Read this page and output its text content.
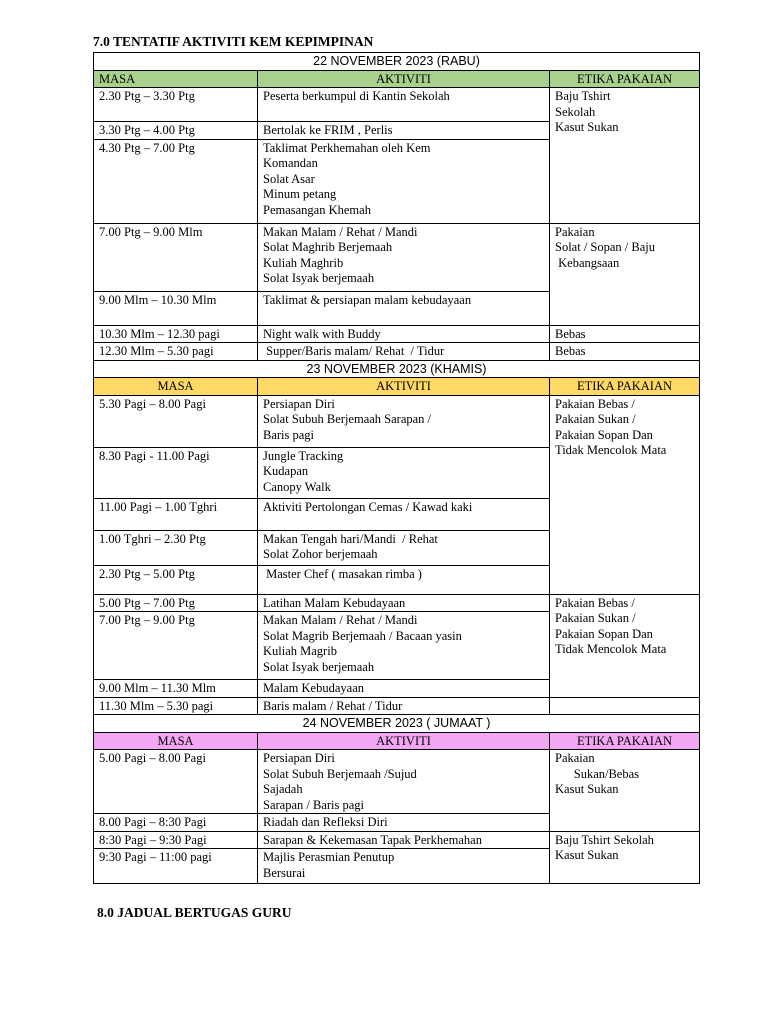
7.0 TENTATIF AKTIVITI KEM KEPIMPINAN
22 NOVEMBER 2023 (RABU)		
MASA	AKTIVITI	ETIKA PAKAIAN
2.30 Ptg – 3.30 Ptg	Peserta berkumpul di Kantin Sekolah	Baju Tshirt
Sekolah
Kasut Sukan

3.30 Ptg – 4.00 Ptg	Bertolak ke FRIM , Perlis	

4.30 Ptg – 7.00 Ptg	Taklimat Perkhemahan oleh Kem
Komandan
Solat Asar
Minum petang
Pemasangan Khemah	

7.00 Ptg – 9.00 Mlm	Makan Malam / Rehat / Mandi
Solat Maghrib Berjemaah
Kuliah Maghrib
Solat Isyak berjemaah	Pakaian
Solat / Sopan / Baju
Kebangsaan

9.00 Mlm – 10.30 Mlm	Taklimat & persiapan malam kebudayaan	

10.30 Mlm – 12.30 pagi	Night walk with Buddy	Bebas

12.30 Mlm – 5.30 pagi	Supper/Baris malam/ Rehat  / Tidur	Bebas

23 NOVEMBER 2023 (KHAMIS)		
MASA	AKTIVITI	ETIKA PAKAIAN
5.30 Pagi – 8.00 Pagi	Persiapan Diri
Solat Subuh Berjemaah Sarapan /
Baris pagi	Pakaian Bebas /
Pakaian Sukan /
Pakaian Sopan Dan
Tidak Mencolok Mata

8.30 Pagi - 11.00 Pagi	Jungle Tracking
Kudapan
Canopy Walk	

11.00 Pagi – 1.00 Tghri	Aktiviti Pertolongan Cemas / Kawad kaki	

1.00 Tghri – 2.30 Ptg	Makan Tengah hari/Mandi  / Rehat
Solat Zohor berjemaah	

2.30 Ptg – 5.00 Ptg	Master Chef ( masakan rimba )	

5.00 Ptg – 7.00 Ptg	Latihan Malam Kebudayaan	Pakaian Bebas /
Pakaian Sukan /
Pakaian Sopan Dan
Tidak Mencolok Mata

7.00 Ptg – 9.00 Ptg	Makan Malam / Rehat / Mandi
Solat Magrib Berjemaah / Bacaan yasin
Kuliah Magrib
Solat Isyak berjemaah	

9.00 Mlm – 11.30 Mlm	Malam Kebudayaan	

11.30 Mlm – 5.30 pagi	Baris malam / Rehat / Tidur	

24 NOVEMBER 2023 ( JUMAAT )		
MASA	AKTIVITI	ETIKA PAKAIAN
5.00 Pagi – 8.00 Pagi	Persiapan Diri
Solat Subuh Berjemaah /Sujud
Sajadah
Sarapan / Baris pagi	Pakaian
Sukan/Bebas
Kasut Sukan

8.00 Pagi – 8:30 Pagi	Riadah dan Refleksi Diri	

8:30 Pagi – 9:30 Pagi	Sarapan & Kekemasan Tapak Perkhemahan	Baju Tshirt Sekolah
Kasut Sukan

9:30 Pagi – 11:00 pagi	Majlis Perasmian Penutup
Bersurai	
8.0 JADUAL BERTUGAS GURU
